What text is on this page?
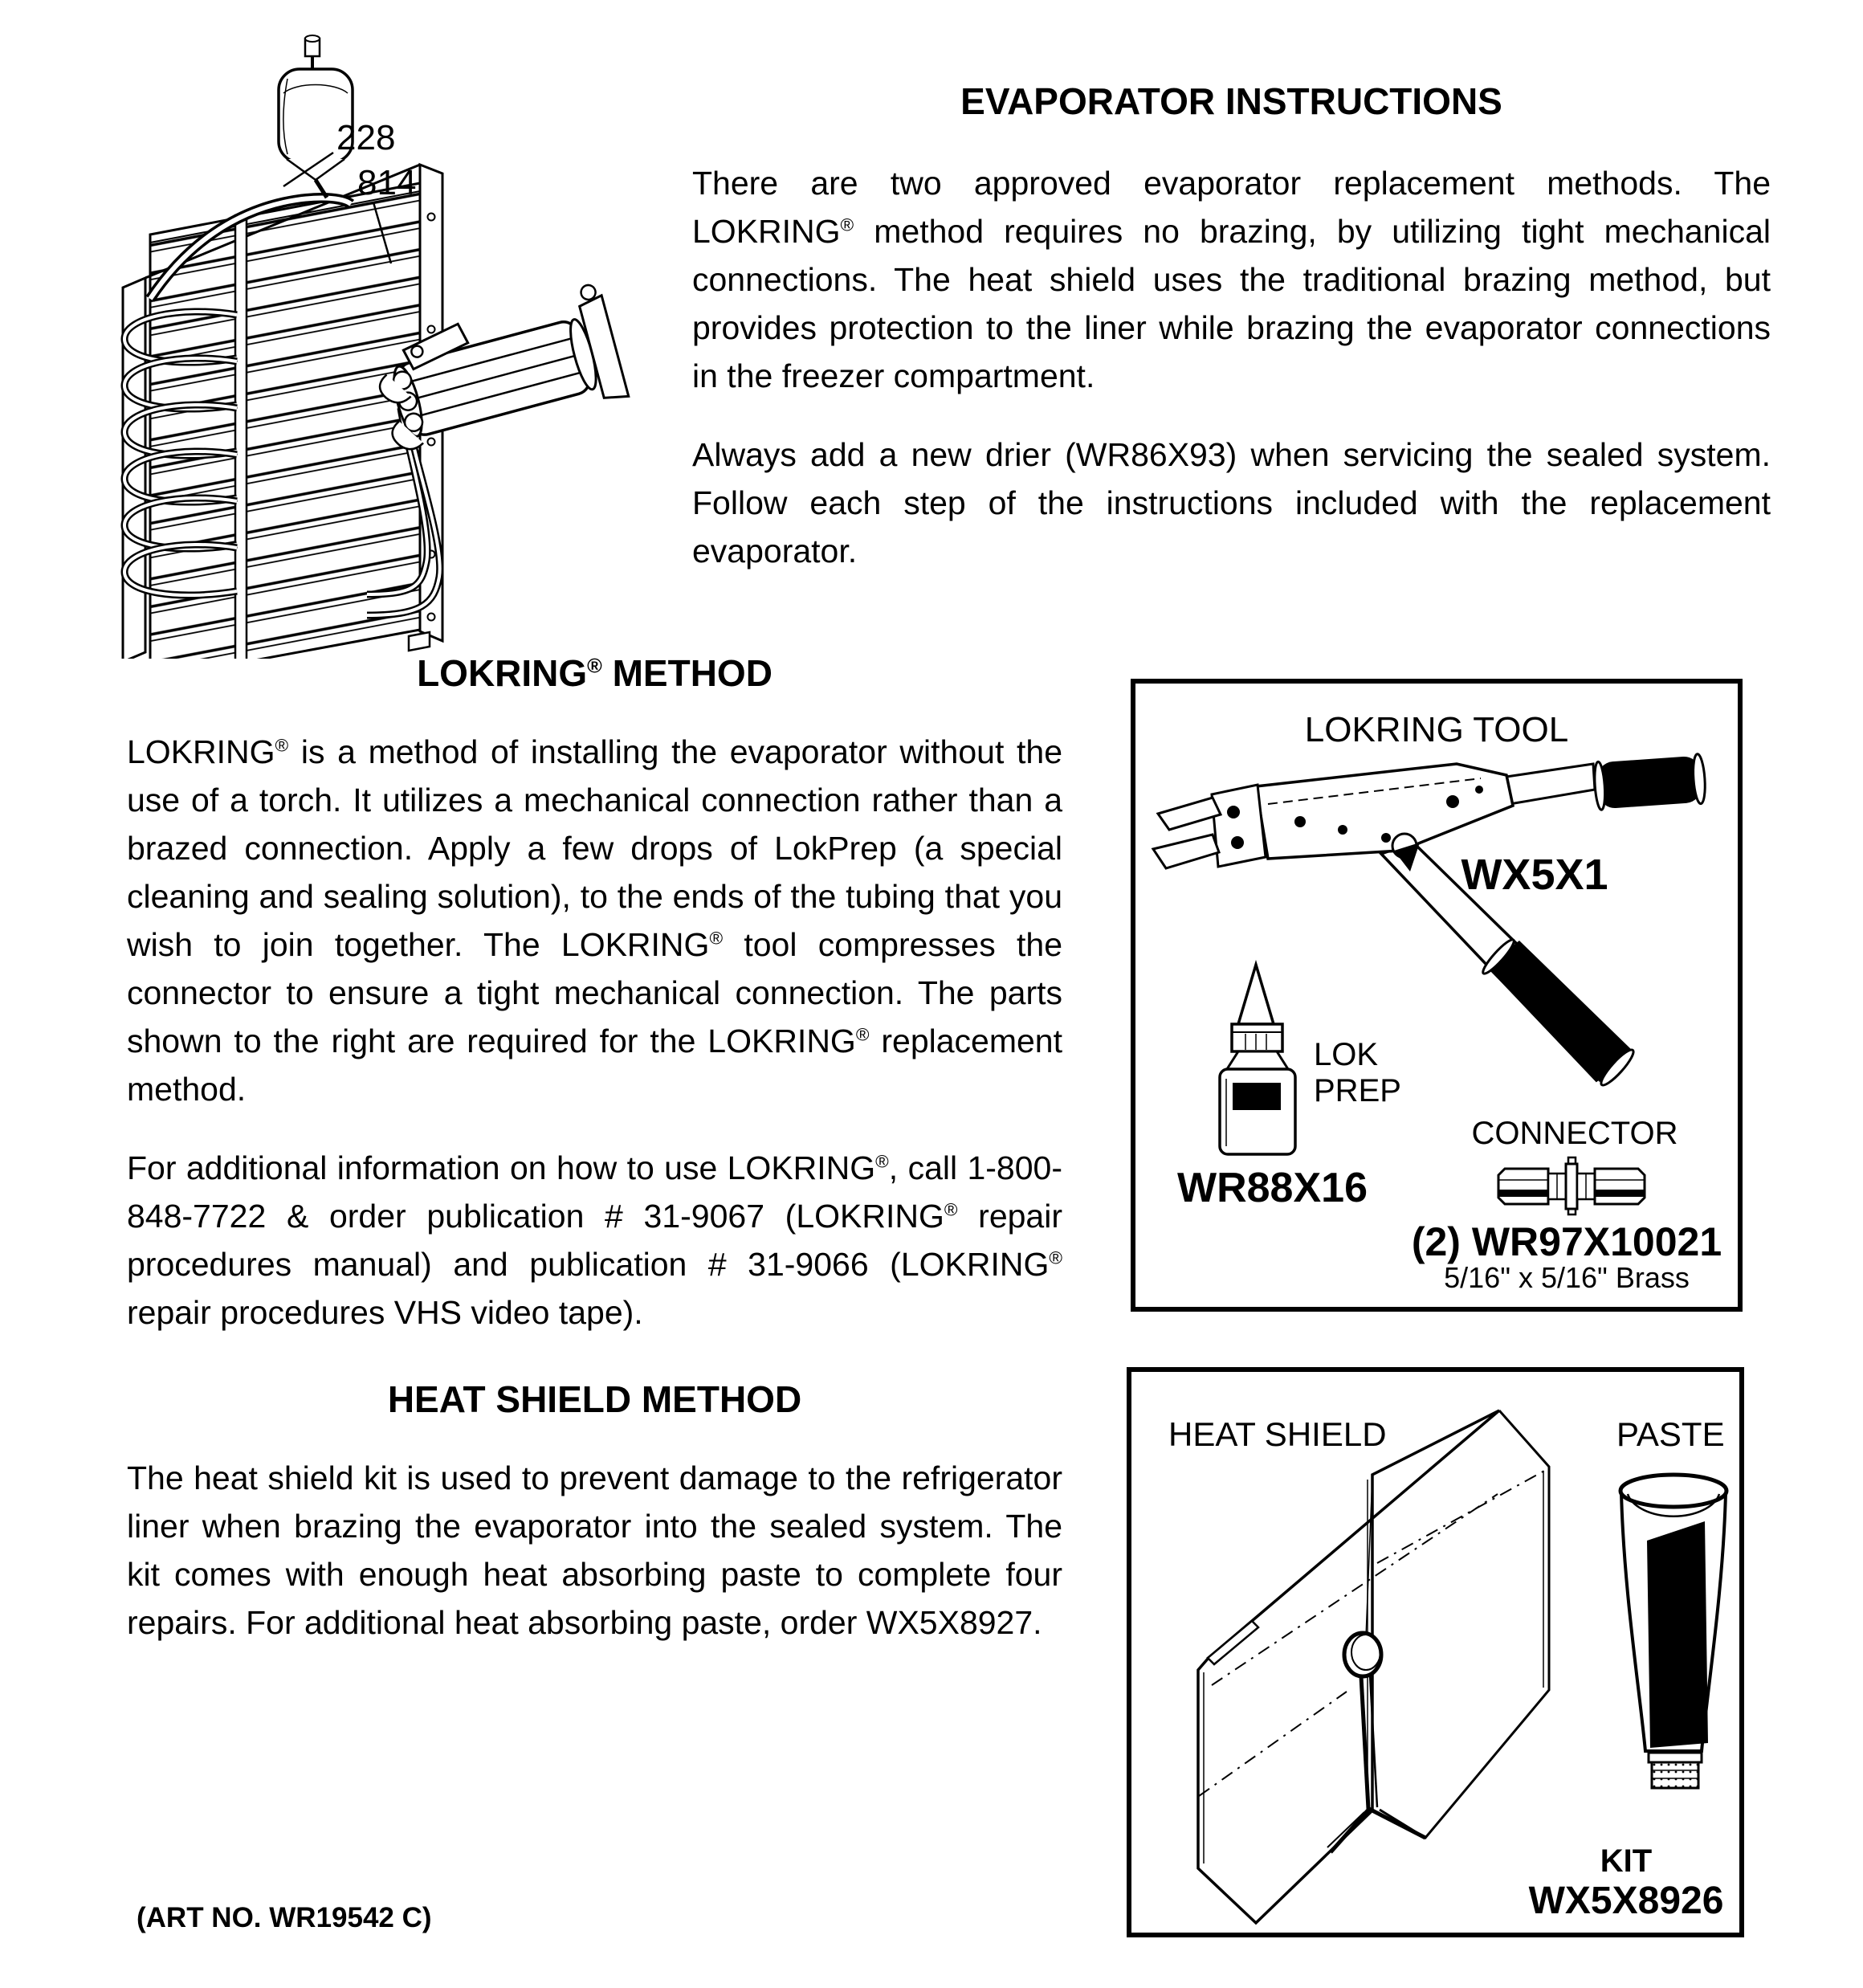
228
814
EVAPORATOR INSTRUCTIONS

There are two approved evaporator replacement methods. The LOKRING® method requires no brazing, by utilizing tight mechanical connections. The heat shield uses the traditional brazing method, but provides protection to the liner while brazing the evaporator connections in the freezer compartment.

Always add a new drier (WR86X93) when servicing the sealed system. Follow each step of the instructions included with the replacement evaporator.

LOKRING® METHOD

LOKRING® is a method of installing the evaporator without the use of a torch. It utilizes a mechanical connection rather than a brazed connection. Apply a few drops of LokPrep (a special cleaning and sealing solution), to the ends of the tubing that you wish to join together. The LOKRING® tool compresses the connector to ensure a tight mechanical connection. The parts shown to the right are required for the LOKRING® replacement method.

For additional information on how to use LOKRING®, call 1-800-848-7722 & order publication # 31-9067 (LOKRING® repair procedures manual) and publication # 31-9066 (LOKRING® repair procedures VHS video tape).

HEAT SHIELD METHOD

The heat shield kit is used to prevent damage to the refrigerator liner when brazing the evaporator into the sealed system. The kit comes with enough heat absorbing paste to complete four repairs. For additional heat absorbing paste, order WX5X8927.

LOKRING TOOL
WX5X1
LOKPREP
65G
LOK
PREP
WR88X16
CONNECTOR
(2) WR97X10021
5/16" x 5/16" Brass
HEAT SHIELD	PASTE
NU-CALGON WHOLESALER INC. THERMO-TRAP HEAT ABSORBING PASTE
KIT
WX5X8926
(ART NO. WR19542 C)
